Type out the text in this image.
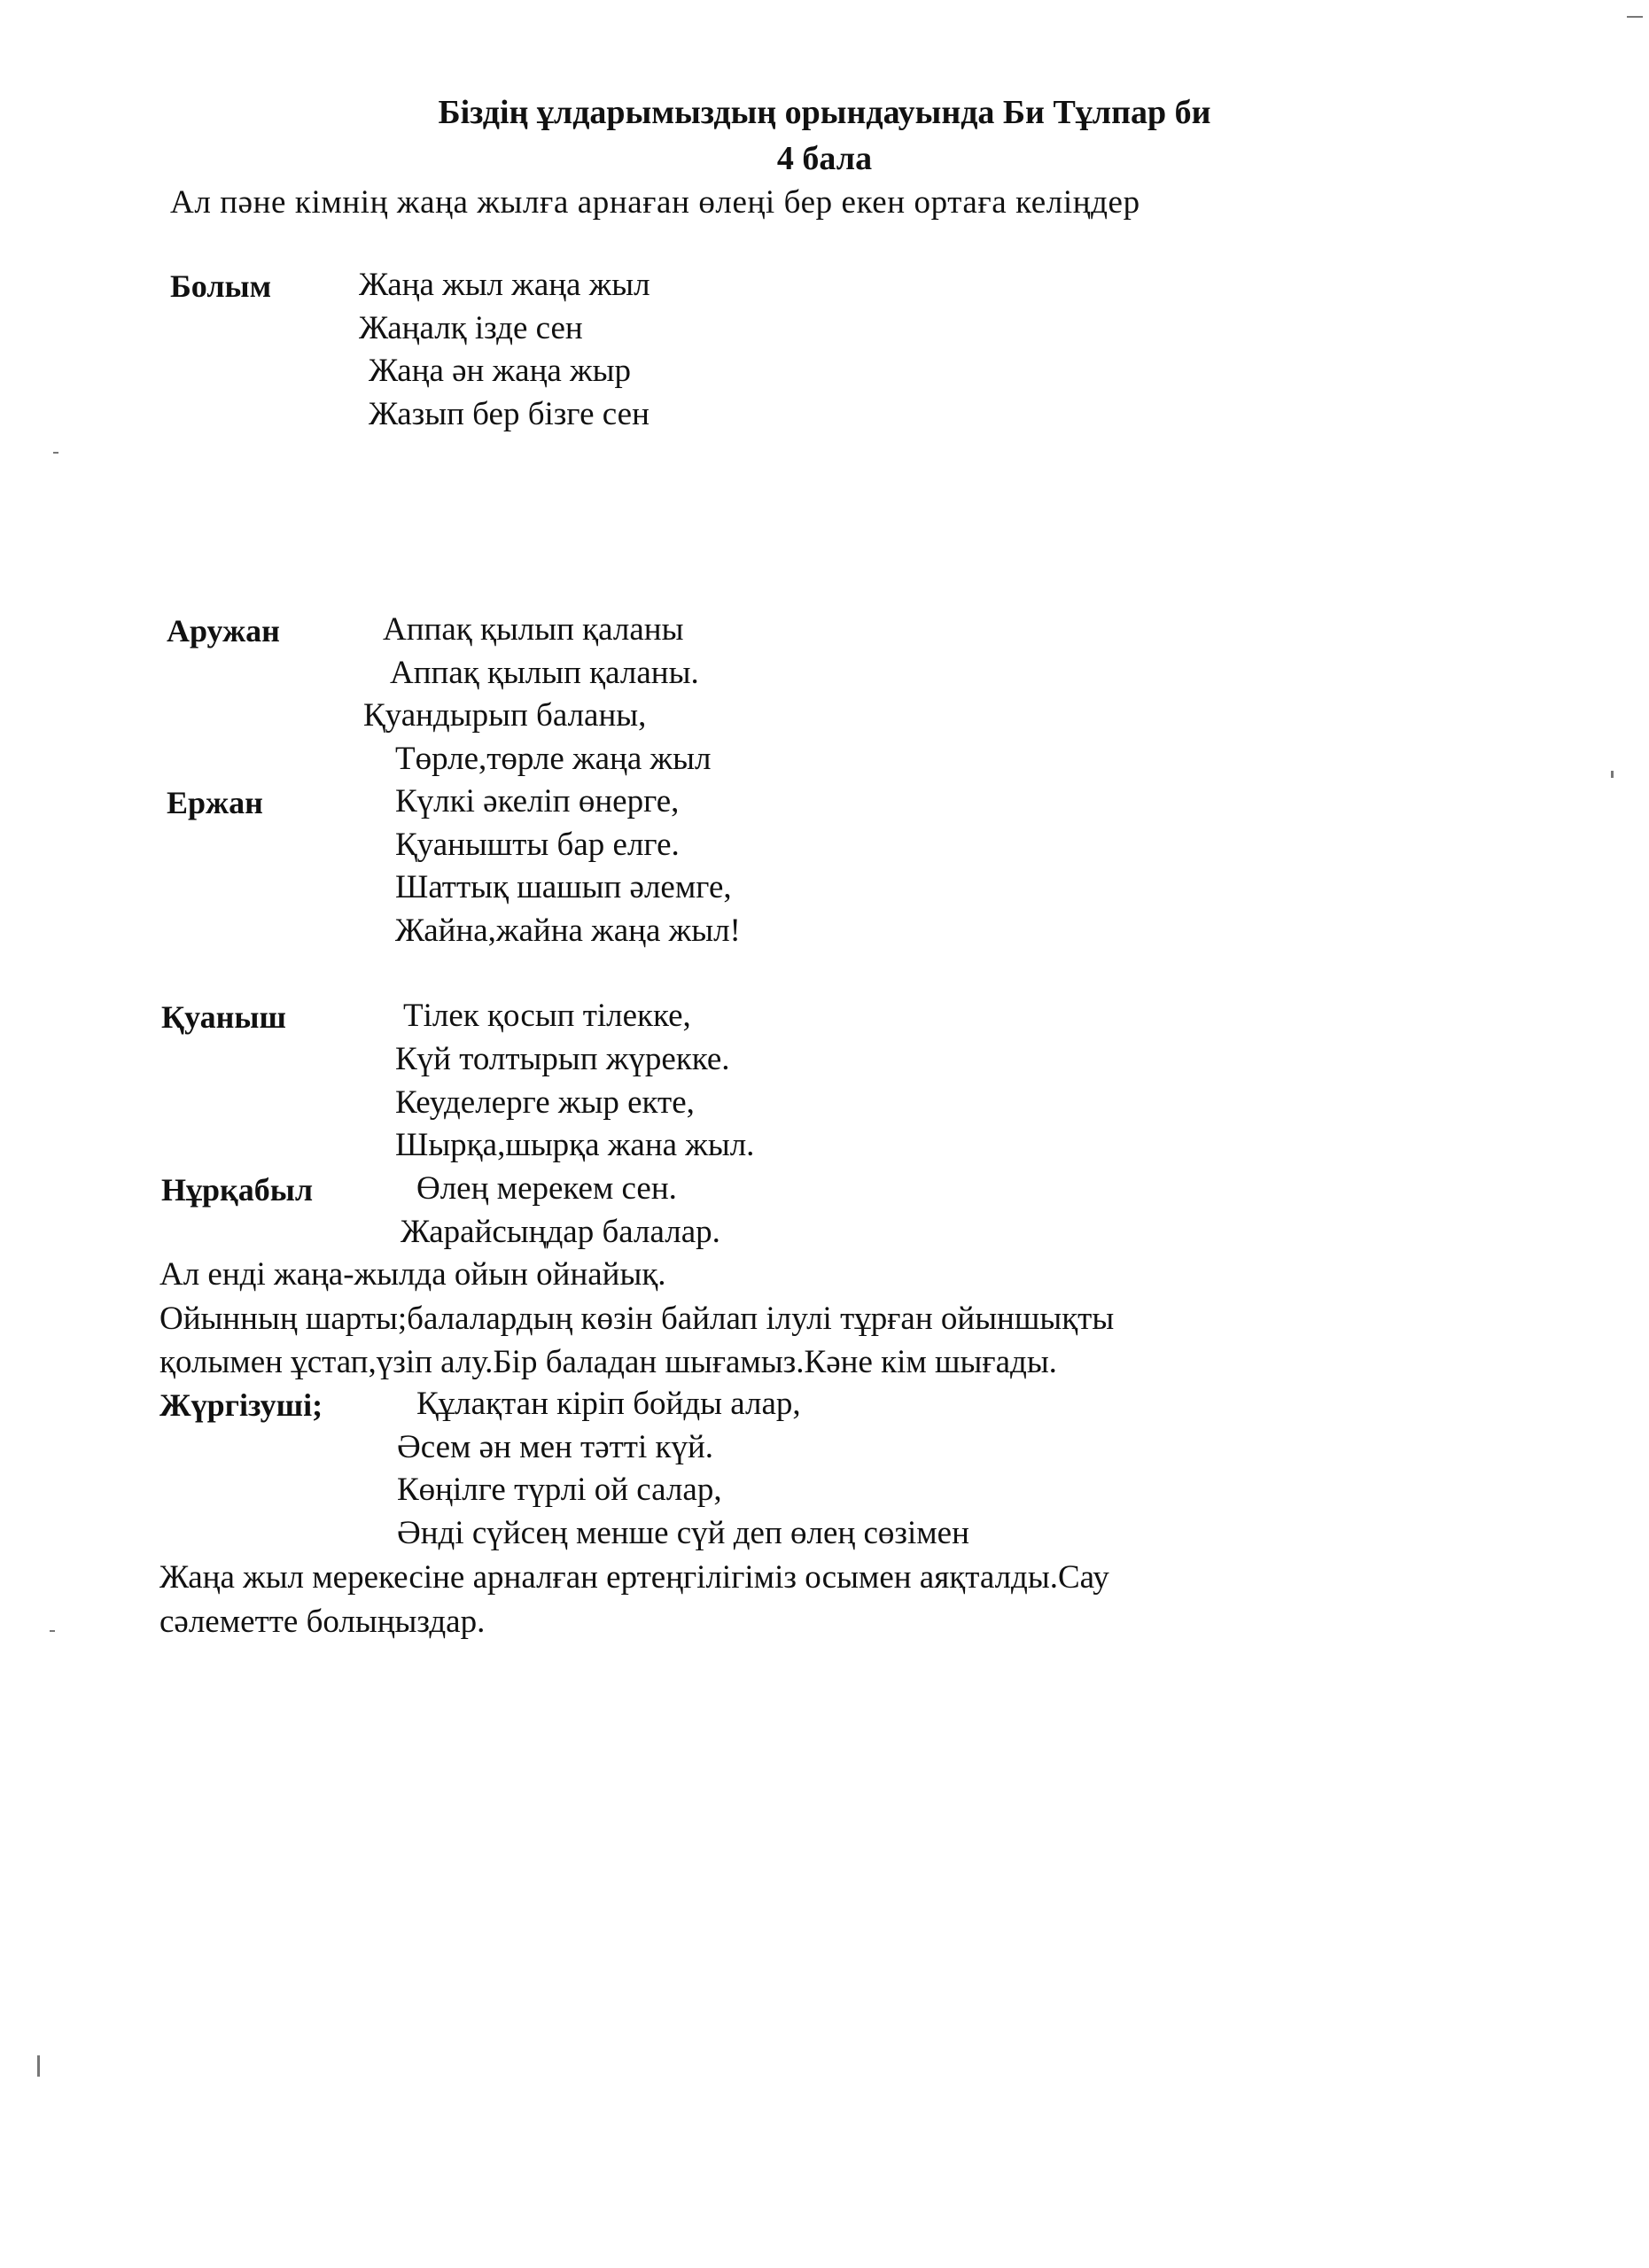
Біздің ұлдарымыздың орындауында Би Тұлпар би
4 бала
Ал пәне кімнің жаңа жылға арнаған өлеңі бер екен ортаға келіңдер
Болым	Жаңа жыл жаңа жыл
Жаңалқ ізде сен
Жаңа ән жаңа жыр
Жазып бер бізге сен
Аружан	Аппақ қылып қаланы
Аппақ қылып қаланы.
Қуандырып баланы,
Төрле,төрле жаңа жыл
Ержан	Күлкі әкеліп өнерге,
Қуанышты бар елге.
Шаттық шашып әлемге,
Жайна,жайна жаңа жыл!
Қуаныш	Тілек қосып тілекке,
Күй толтырып жүрекке.
Кеуделерге жыр екте,
Шырқа,шырқа жана жыл.
Нұрқабыл	Өлең мерекем сен.
Жарайсыңдар балалар.
Ал енді жаңа-жылда ойын ойнайық.
Ойынның шарты;балалардың көзін байлап ілулі тұрған ойыншықты
қолымен ұстап,үзіп алу.Бір баладан шығамыз.Кәне кім шығады.
Жүргізуші;	Құлақтан кіріп бойды алар,
Әсем ән мен тәтті күй.
Көңілге түрлі ой салар,
Әнді сүйсең менше сүй деп өлең сөзімен
Жаңа жыл мерекесіне арналған ертеңгілігіміз осымен аяқталды.Сау
сәлеметте болыңыздар.
